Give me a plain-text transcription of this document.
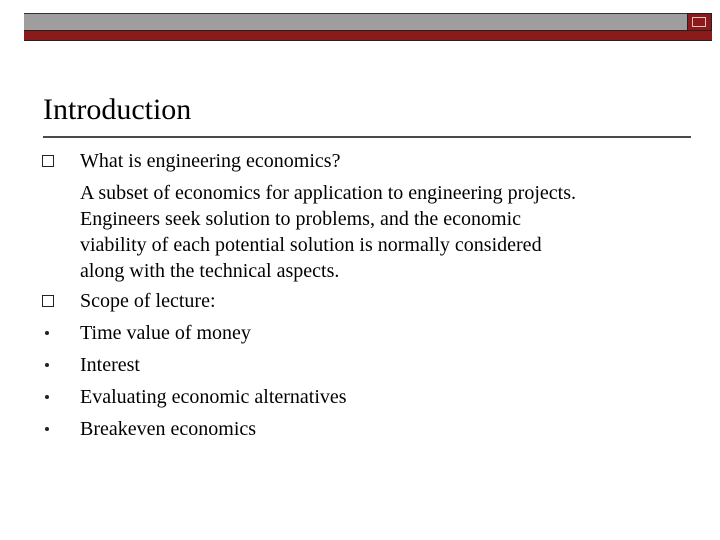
Introduction
What is engineering economics?
A subset of economics for application to engineering projects.
Engineers seek solution to problems, and the economic
viability of each potential solution is normally considered
along with the technical aspects.
Scope of lecture:
Time value of money
Interest
Evaluating economic alternatives
Breakeven economics
